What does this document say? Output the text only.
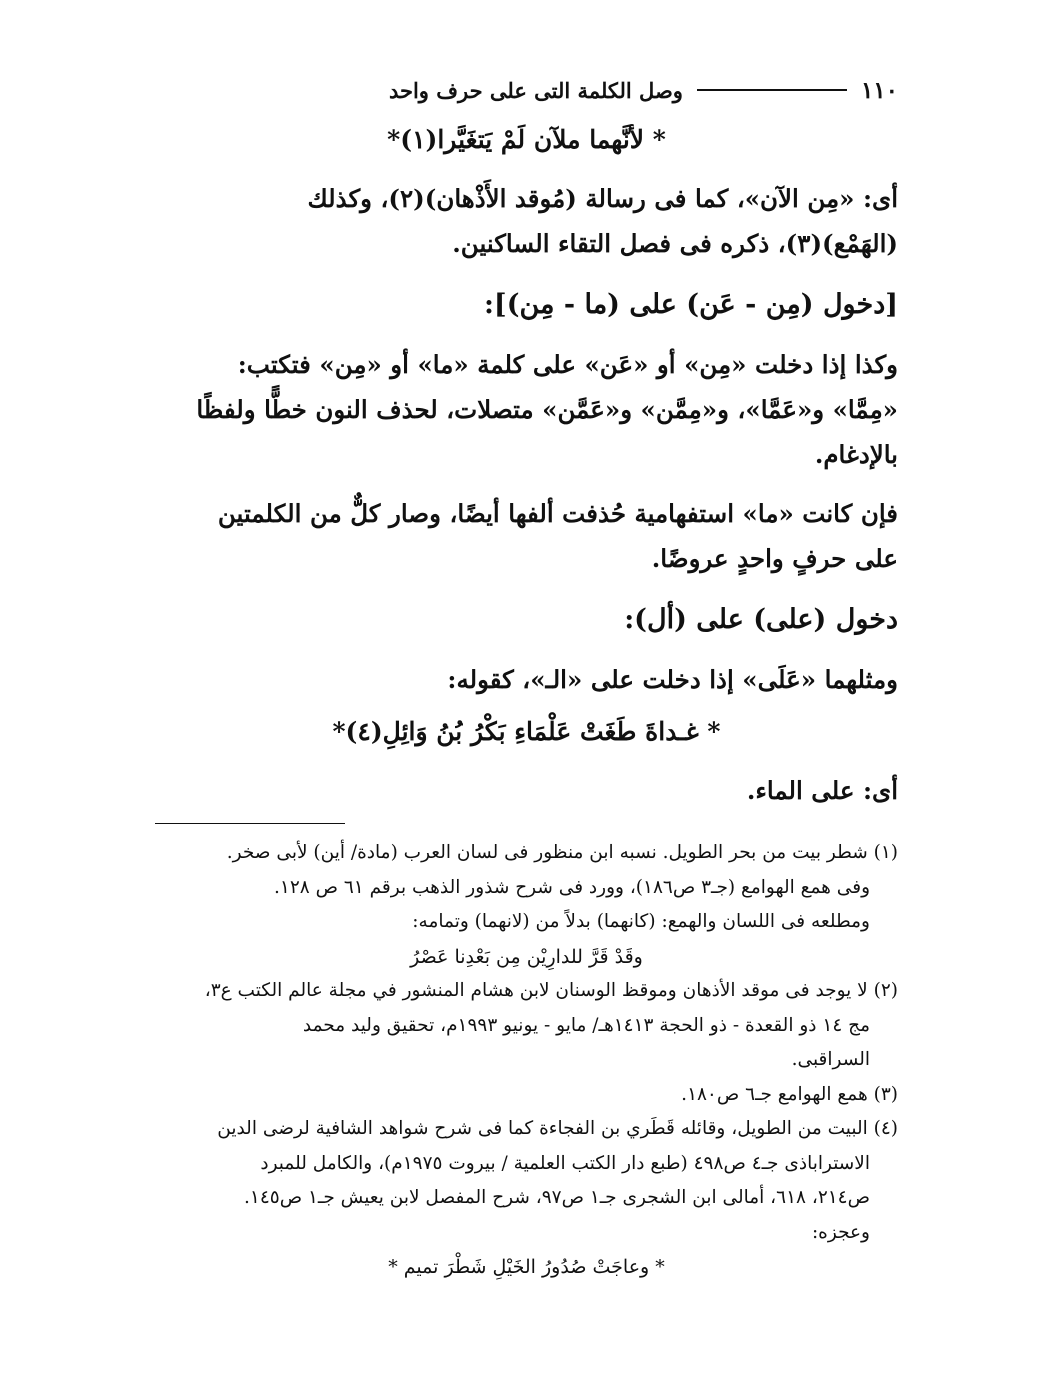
١١٠
وصل الكلمة التى على حرف واحد
* لأنَّهما ملآن لَمْ يَتغَيَّرا(١)*

أى: «مِن الآن»، كما فى رسالة (مُوقد الأَذْهان)(٢)، وكذلك
(الهَمْع)(٣)، ذكره فى فصل التقاء الساكنين.

[دخول (مِن - عَن) على (ما - مِن)]:

وكذا إذا دخلت «مِن» أو «عَن» على كلمة «ما» أو «مِن» فتكتب:
«مِمَّا» و«عَمَّا»، و«مِمَّن» و«عَمَّن» متصلات، لحذف النون خطًّا ولفظًا
بالإدغام.

فإن كانت «ما» استفهامية حُذفت ألفها أيضًا، وصار كلٌّ من الكلمتين
على حرفٍ واحدٍ عروضًا.

دخول (على) على (أل):

ومثلهما «عَلَى» إذا دخلت على «الـ»، كقوله:

* غـداةَ طَغَتْ عَلْمَاءِ بَكْرُ بُنُ وَائِلِ(٤)*

أى: على الماء.

(١) شطر بيت من بحر الطويل. نسبه ابن منظور فى لسان العرب (مادة/ أين) لأبى صخر.
وفى همع الهوامع (جـ٣ ص١٨٦)، وورد فى شرح شذور الذهب برقم ٦١ ص ١٢٨.
ومطلعه فى اللسان والهمع: (كانهما) بدلاً من (لانهما) وتمامه:
وقَدْ قَرَّ للدارِيْن مِن بَعْدِنا عَصْرُ

(٢) لا يوجد فى موقد الأذهان وموقظ الوسنان لابن هشام المنشور في مجلة عالم الكتب ع٣،
مج ١٤ ذو القعدة - ذو الحجة ١٤١٣هـ/ مايو - يونيو ١٩٩٣م، تحقيق وليد محمد
السراقبى.

(٣) همع الهوامع جـ٦ ص١٨٠.

(٤) البيت من الطويل، وقائله قَطَري بن الفجاءة كما فى شرح شواهد الشافية لرضى الدين
الاستراباذى جـ٤ ص٤٩٨ (طبع دار الكتب العلمية / بيروت ١٩٧٥م)، والكامل للمبرد
ص٢١٤، ٦١٨، أمالى ابن الشجرى جـ١ ص٩٧، شرح المفصل لابن يعيش جـ١ ص١٤٥.
وعجزه:
* وعاجَتْ صُدُورُ الخَيْلِ شَطْرَ تميم *
